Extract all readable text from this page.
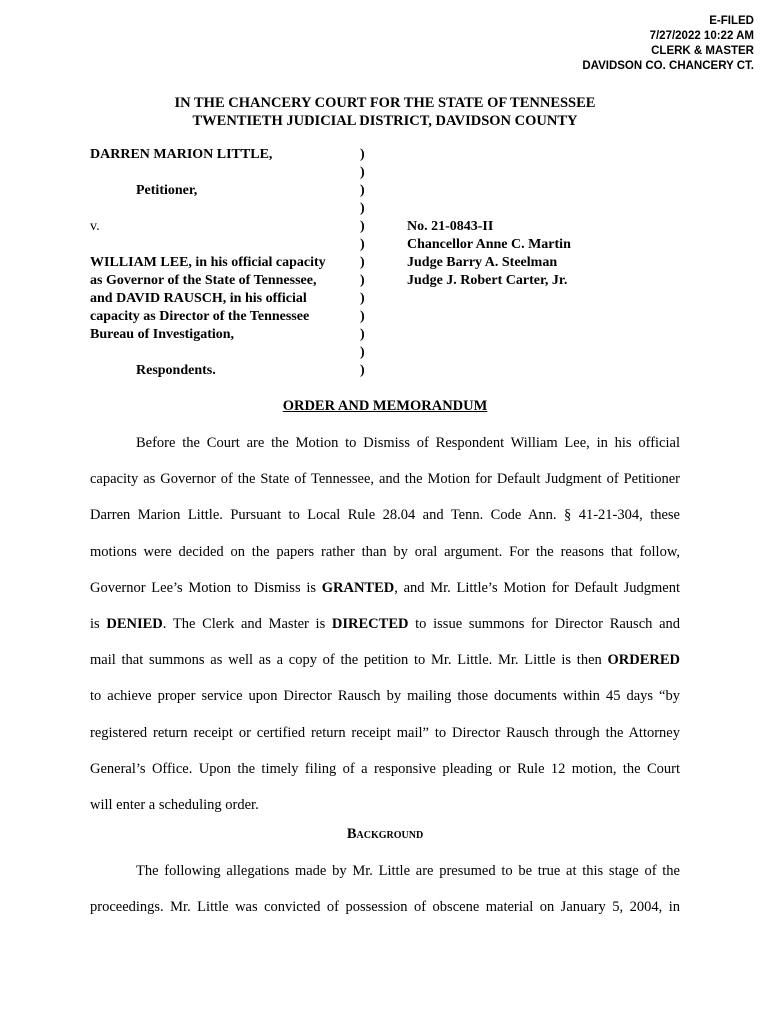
E-FILED
7/27/2022 10:22 AM
CLERK & MASTER
DAVIDSON CO. CHANCERY CT.
IN THE CHANCERY COURT FOR THE STATE OF TENNESSEE
TWENTIETH JUDICIAL DISTRICT, DAVIDSON COUNTY
DARREN MARION LITTLE,
Petitioner,
v.
WILLIAM LEE, in his official capacity
as Governor of the State of Tennessee,
and DAVID RAUSCH, in his official
capacity as Director of the Tennessee
Bureau of Investigation,
Respondents.
)
)
)
)
)
)
)
)
)
)
)
)
)
No. 21-0843-II
Chancellor Anne C. Martin
Judge Barry A. Steelman
Judge J. Robert Carter, Jr.
ORDER AND MEMORANDUM
Before the Court are the Motion to Dismiss of Respondent William Lee, in his official
capacity as Governor of the State of Tennessee, and the Motion for Default Judgment of Petitioner
Darren Marion Little. Pursuant to Local Rule 28.04 and Tenn. Code Ann. § 41-21-304, these
motions were decided on the papers rather than by oral argument. For the reasons that follow,
Governor Lee’s Motion to Dismiss is GRANTED, and Mr. Little’s Motion for Default Judgment
is DENIED. The Clerk and Master is DIRECTED to issue summons for Director Rausch and
mail that summons as well as a copy of the petition to Mr. Little. Mr. Little is then ORDERED
to achieve proper service upon Director Rausch by mailing those documents within 45 days “by
registered return receipt or certified return receipt mail” to Director Rausch through the Attorney
General’s Office. Upon the timely filing of a responsive pleading or Rule 12 motion, the Court
will enter a scheduling order.
Background
The following allegations made by Mr. Little are presumed to be true at this stage of the
proceedings. Mr. Little was convicted of possession of obscene material on January 5, 2004, in
